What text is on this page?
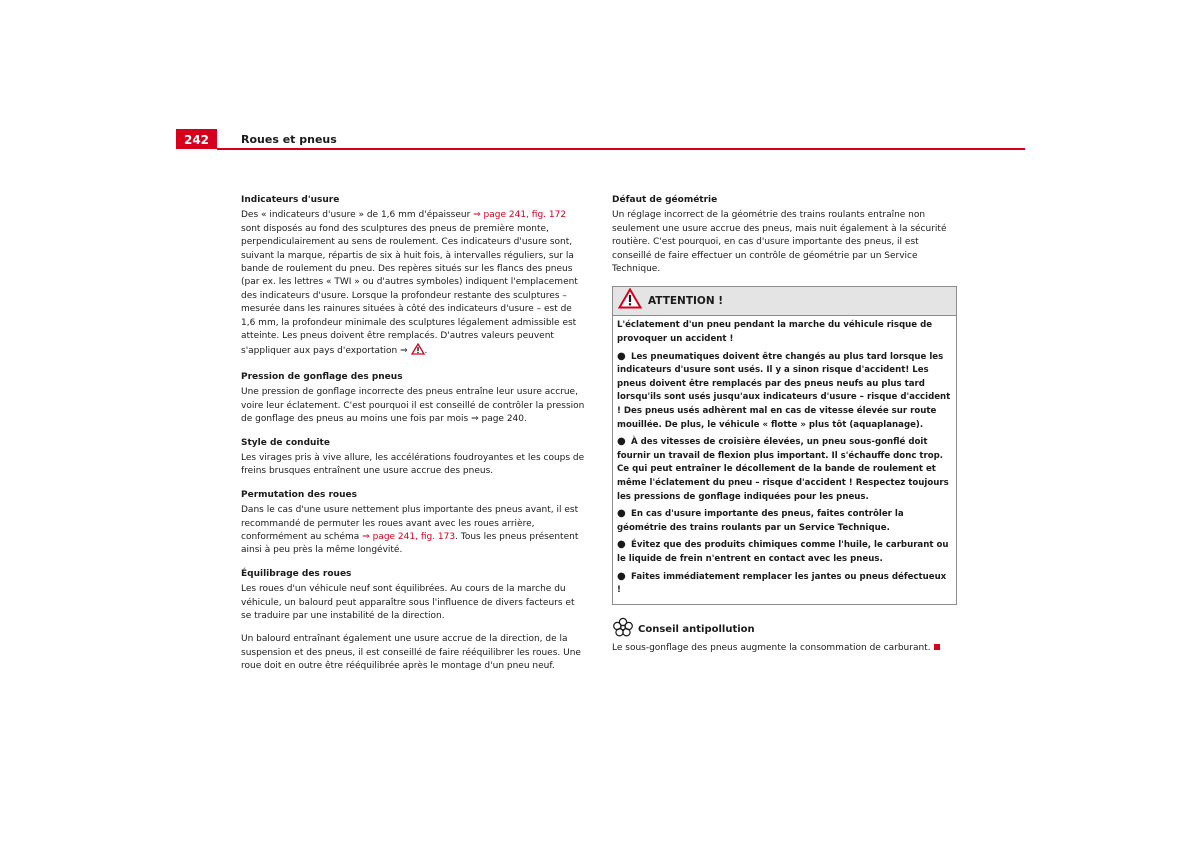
242	Roues et pneus
Indicateurs d'usure

Des « indicateurs d'usure » de 1,6 mm d'épaisseur ⇒ page 241, fig. 172 sont disposés au fond des sculptures des pneus de première monte, perpendiculairement au sens de roulement. Ces indicateurs d'usure sont, suivant la marque, répartis de six à huit fois, à intervalles réguliers, sur la bande de roulement du pneu. Des repères situés sur les flancs des pneus (par ex. les lettres « TWI » ou d'autres symboles) indiquent l'emplacement des indicateurs d'usure. Lorsque la profondeur restante des sculptures – mesurée dans les rainures situées à côté des indicateurs d'usure – est de 1,6 mm, la profondeur minimale des sculptures légalement admissible est atteinte. Les pneus doivent être remplacés. D'autres valeurs peuvent s'appliquer aux pays d'exportation ⇒ .

Pression de gonflage des pneus

Une pression de gonflage incorrecte des pneus entraîne leur usure accrue, voire leur éclatement. C'est pourquoi il est conseillé de contrôler la pression de gonflage des pneus au moins une fois par mois ⇒ page 240.

Style de conduite

Les virages pris à vive allure, les accélérations foudroyantes et les coups de freins brusques entraînent une usure accrue des pneus.

Permutation des roues

Dans le cas d'une usure nettement plus importante des pneus avant, il est recommandé de permuter les roues avant avec les roues arrière, conformément au schéma ⇒ page 241, fig. 173. Tous les pneus présentent ainsi à peu près la même longévité.

Équilibrage des roues

Les roues d'un véhicule neuf sont équilibrées. Au cours de la marche du véhicule, un balourd peut apparaître sous l'influence de divers facteurs et se traduire par une instabilité de la direction.

Un balourd entraînant également une usure accrue de la direction, de la suspension et des pneus, il est conseillé de faire rééquilibrer les roues. Une roue doit en outre être rééquilibrée après le montage d'un pneu neuf.

Défaut de géométrie

Un réglage incorrect de la géométrie des trains roulants entraîne non seulement une usure accrue des pneus, mais nuit également à la sécurité routière. C'est pourquoi, en cas d'usure importante des pneus, il est conseillé de faire effectuer un contrôle de géométrie par un Service Technique.

ATTENTION !

L'éclatement d'un pneu pendant la marche du véhicule risque de provoquer un accident !

● Les pneumatiques doivent être changés au plus tard lorsque les indicateurs d'usure sont usés. Il y a sinon risque d'accident! Les pneus doivent être remplacés par des pneus neufs au plus tard lorsqu'ils sont usés jusqu'aux indicateurs d'usure – risque d'accident ! Des pneus usés adhèrent mal en cas de vitesse élevée sur route mouillée. De plus, le véhicule « flotte » plus tôt (aquaplanage).

● À des vitesses de croisière élevées, un pneu sous-gonflé doit fournir un travail de flexion plus important. Il s'échauffe donc trop. Ce qui peut entraîner le décollement de la bande de roulement et même l'éclatement du pneu – risque d'accident ! Respectez toujours les pressions de gonflage indiquées pour les pneus.

● En cas d'usure importante des pneus, faites contrôler la géométrie des trains roulants par un Service Technique.

● Évitez que des produits chimiques comme l'huile, le carburant ou le liquide de frein n'entrent en contact avec les pneus.

● Faites immédiatement remplacer les jantes ou pneus défectueux !

Conseil antipollution

Le sous-gonflage des pneus augmente la consommation de carburant.
